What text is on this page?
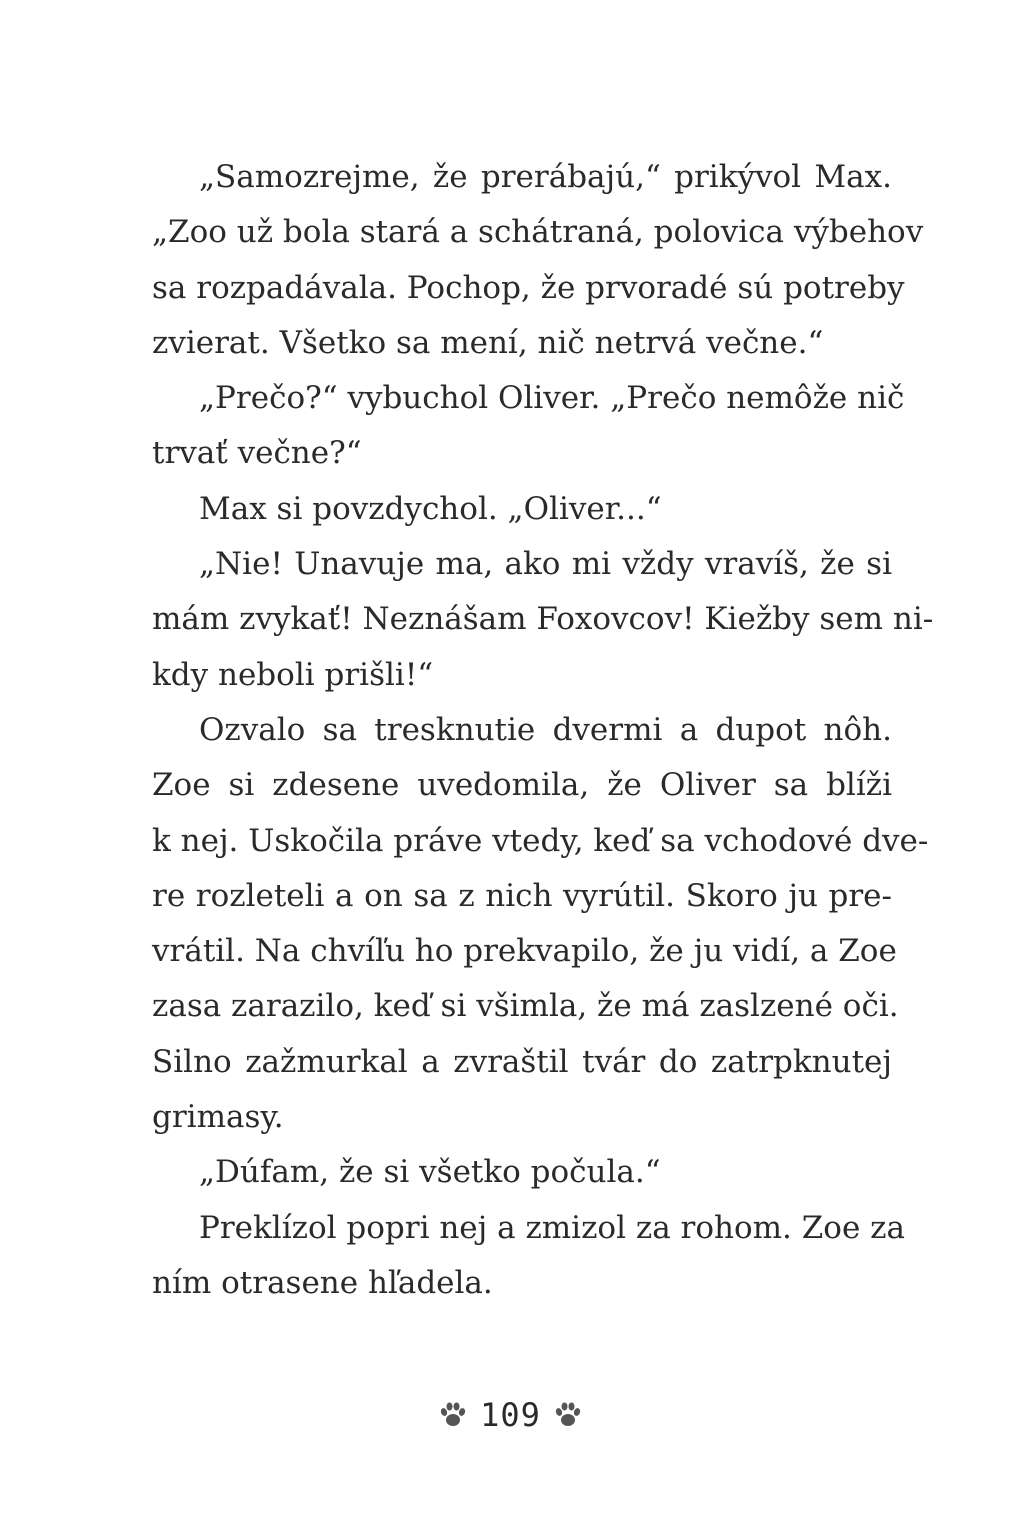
„Samozrejme, že prerábajú,“ prikývol Max.
„Zoo už bola stará a schátraná, polovica výbehov
sa rozpadávala. Pochop, že prvoradé sú potreby
zvierat. Všetko sa mení, nič netrvá večne.“

„Prečo?“ vybuchol Oliver. „Prečo nemôže nič
trvať večne?“

Max si povzdychol. „Oliver...“

„Nie! Unavuje ma, ako mi vždy vravíš, že si
mám zvykať! Neznášam Foxovcov! Kiežby sem ni-
kdy neboli prišli!“

Ozvalo sa tresknutie dvermi a dupot nôh.
Zoe si zdesene uvedomila, že Oliver sa blíži
k nej. Uskočila práve vtedy, keď sa vchodové dve-
re rozleteli a on sa z nich vyrútil. Skoro ju pre-
vrátil. Na chvíľu ho prekvapilo, že ju vidí, a Zoe
zasa zarazilo, keď si všimla, že má zaslzené oči.
Silno zažmurkal a zvraštil tvár do zatrpknutej
grimasy.

„Dúfam, že si všetko počula.“

Preklízol popri nej a zmizol za rohom. Zoe za
ním otrasene hľadela.

109
